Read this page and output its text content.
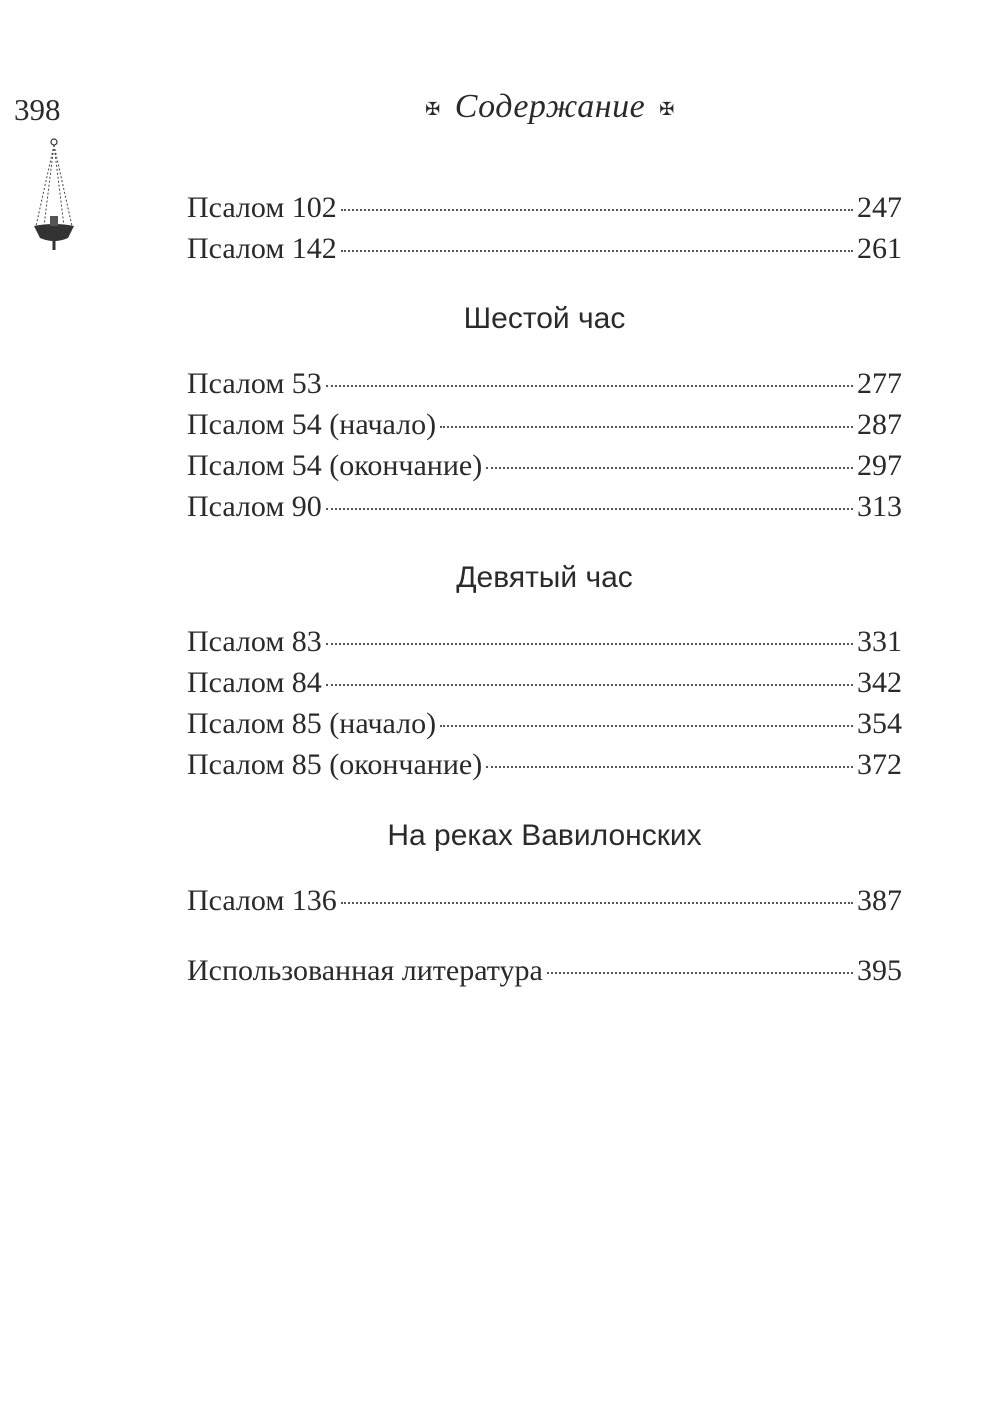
398	✠ Содержание ✠
Псалом 102	247
Псалом 142	261
Шестой час
Псалом 53	277
Псалом 54 (начало)	287
Псалом 54 (окончание)	297
Псалом 90	313
Девятый час
Псалом 83	331
Псалом 84	342
Псалом 85 (начало)	354
Псалом 85 (окончание)	372
На реках Вавилонских
Псалом 136	387
Использованная литература	395
